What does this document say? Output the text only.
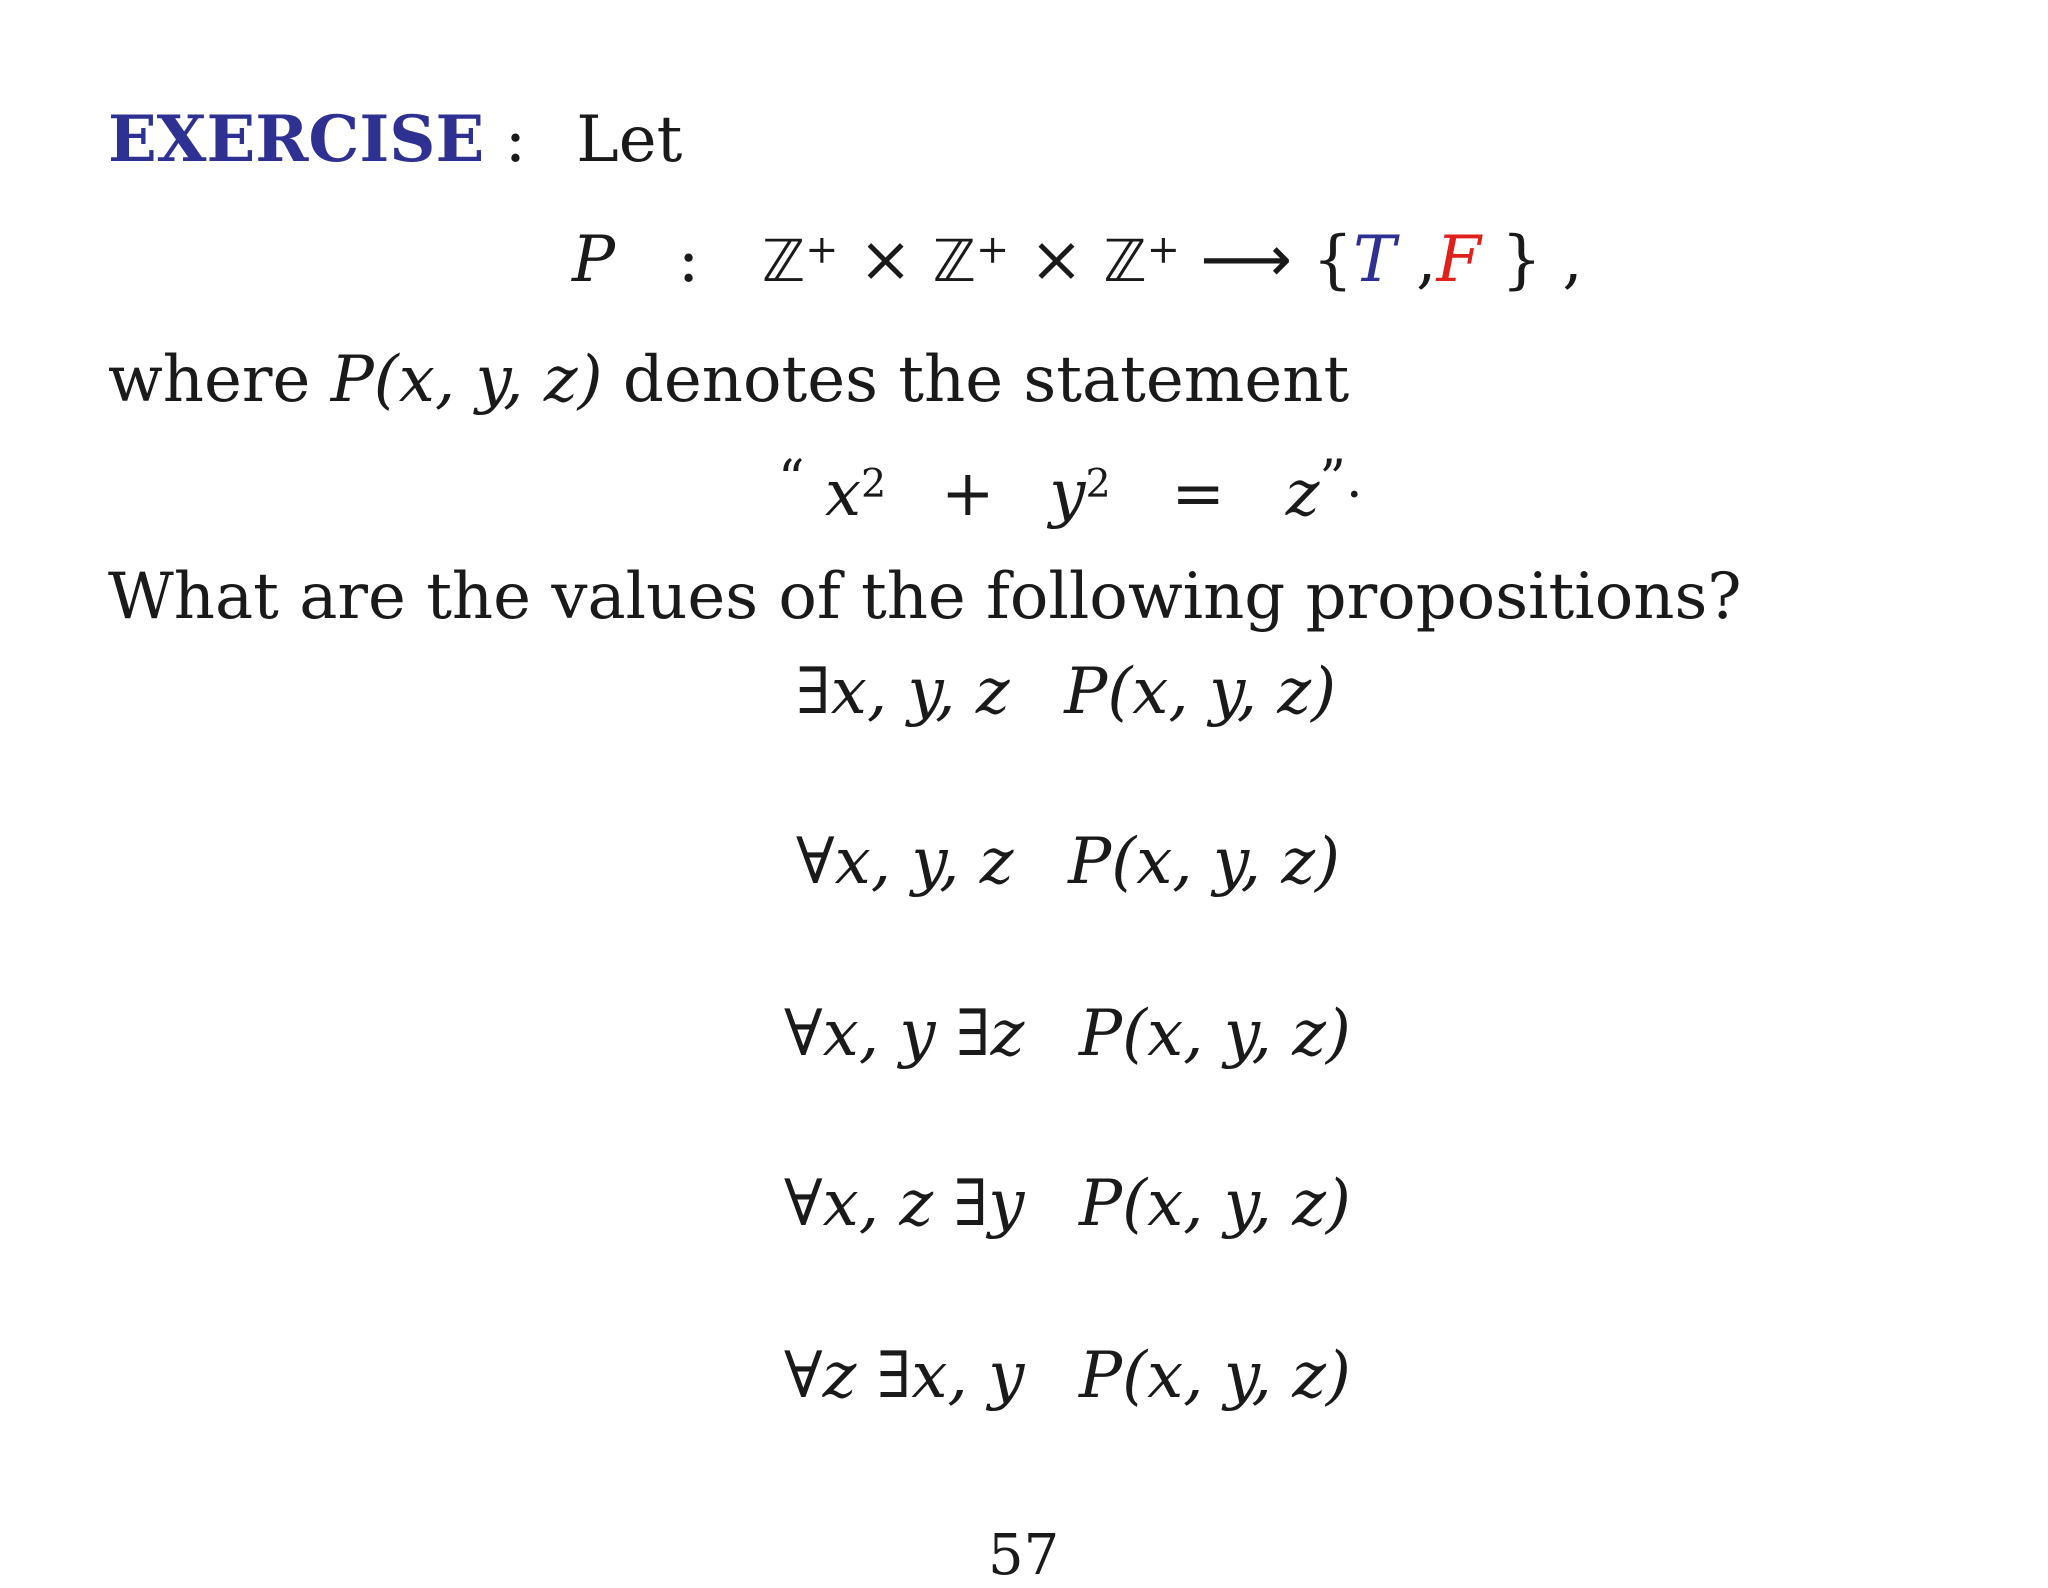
EXERCISE : Let
P : ℤ+ × ℤ+ × ℤ+ ⟶ {T ,F } ,
where P(x, y, z) denotes the statement
“ $x^2 + y^2 = z^{”.}$
What are the values of the following propositions?
∃x, y, z P(x, y, z)
∀x, y, z P(x, y, z)
∀x, y ∃z P(x, y, z)
∀x, z ∃y P(x, y, z)
∀z ∃x, y P(x, y, z)
57
